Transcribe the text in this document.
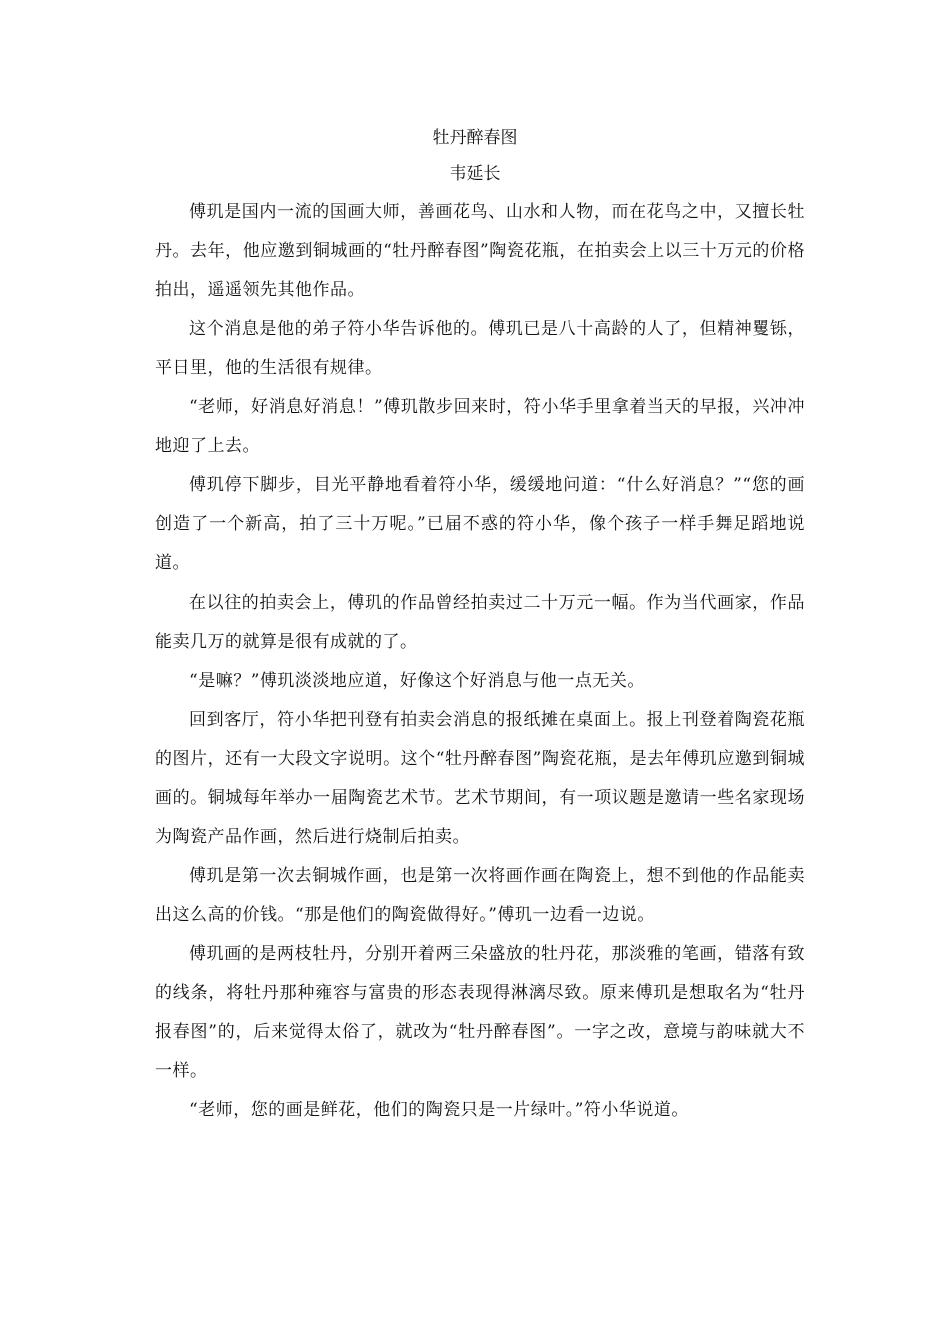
牡丹醉春图

韦延长

傅玑是国内一流的国画大师，善画花鸟、山水和人物，而在花鸟之中，又擅长牡丹。去年，他应邀到铜城画的“牡丹醉春图”陶瓷花瓶，在拍卖会上以三十万元的价格拍出，遥遥领先其他作品。

这个消息是他的弟子符小华告诉他的。傅玑已是八十高龄的人了，但精神矍铄，平日里，他的生活很有规律。

“老师，好消息好消息！”傅玑散步回来时，符小华手里拿着当天的早报，兴冲冲地迎了上去。

傅玑停下脚步，目光平静地看着符小华，缓缓地问道：“什么好消息？”“您的画创造了一个新高，拍了三十万呢。”已届不惑的符小华，像个孩子一样手舞足蹈地说道。

在以往的拍卖会上，傅玑的作品曾经拍卖过二十万元一幅。作为当代画家，作品能卖几万的就算是很有成就的了。

“是嘛？”傅玑淡淡地应道，好像这个好消息与他一点无关。

回到客厅，符小华把刊登有拍卖会消息的报纸摊在桌面上。报上刊登着陶瓷花瓶的图片，还有一大段文字说明。这个“牡丹醉春图”陶瓷花瓶，是去年傅玑应邀到铜城画的。铜城每年举办一届陶瓷艺术节。艺术节期间，有一项议题是邀请一些名家现场为陶瓷产品作画，然后进行烧制后拍卖。

傅玑是第一次去铜城作画，也是第一次将画作画在陶瓷上，想不到他的作品能卖出这么高的价钱。“那是他们的陶瓷做得好。”傅玑一边看一边说。

傅玑画的是两枝牡丹，分别开着两三朵盛放的牡丹花，那淡雅的笔画，错落有致的线条，将牡丹那种雍容与富贵的形态表现得淋漓尽致。原来傅玑是想取名为“牡丹报春图”的，后来觉得太俗了，就改为“牡丹醉春图”。一字之改，意境与韵味就大不一样。

“老师，您的画是鲜花，他们的陶瓷只是一片绿叶。”符小华说道。
